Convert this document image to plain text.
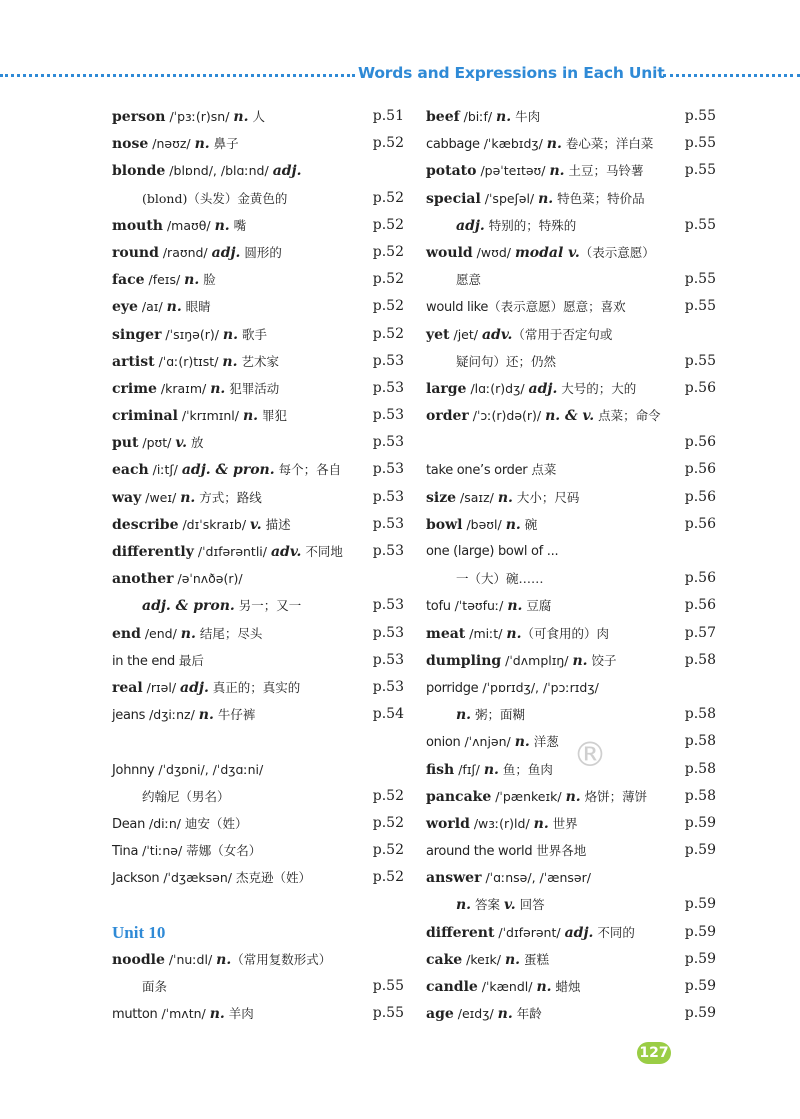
Words and Expressions in Each Unit
person /ˈpɜː(r)sn/ n. 人	p.51
nose /nəʊz/ n. 鼻子	p.52
blonde /blɒnd/, /blɑːnd/ adj.
(blond)（头发）金黄色的	p.52
mouth /maʊθ/ n. 嘴	p.52
round /raʊnd/ adj. 圆形的	p.52
face /feɪs/ n. 脸	p.52
eye /aɪ/ n. 眼睛	p.52
singer /ˈsɪŋə(r)/ n. 歌手	p.52
artist /ˈɑː(r)tɪst/ n. 艺术家	p.53
crime /kraɪm/ n. 犯罪活动	p.53
criminal /ˈkrɪmɪnl/ n. 罪犯	p.53
put /pʊt/ v. 放	p.53
each /iːtʃ/ adj. & pron. 每个；各自 p.53
way /weɪ/ n. 方式；路线	p.53
describe /dɪˈskraɪb/ v. 描述	p.53
differently /ˈdɪfərəntli/ adv. 不同地 p.53
another /əˈnʌðə(r)/
adj. & pron. 另一；又一	p.53
end /end/ n. 结尾；尽头	p.53
in the end 最后	p.53
real /rɪəl/ adj. 真正的；真实的	p.53
jeans /dʒiːnz/ n. 牛仔裤	p.54
Johnny /ˈdʒɒni/, /ˈdʒɑːni/
约翰尼（男名）	p.52
Dean /diːn/ 迪安（姓）	p.52
Tina /ˈtiːnə/ 蒂娜（女名）	p.52
Jackson /ˈdʒæksən/ 杰克逊（姓）	p.52
Unit 10
noodle /ˈnuːdl/ n.（常用复数形式）
面条	p.55
mutton /ˈmʌtn/ n. 羊肉	p.55
beef /biːf/ n. 牛肉	p.55
cabbage /ˈkæbɪdʒ/ n. 卷心菜；洋白菜 p.55
potato /pəˈteɪtəʊ/ n. 土豆；马铃薯	p.55
special /ˈspeʃəl/ n. 特色菜；特价品
adj. 特别的；特殊的	p.55
would /wʊd/ modal v.（表示意愿）
愿意	p.55
would like（表示意愿）愿意；喜欢	p.55
yet /jet/ adv.（常用于否定句或
疑问句）还；仍然	p.55
large /lɑː(r)dʒ/ adj. 大号的；大的	p.56
order /ˈɔː(r)də(r)/ n. & v. 点菜；命令
p.56
take one’s order 点菜	p.56
size /saɪz/ n. 大小；尺码	p.56
bowl /bəʊl/ n. 碗	p.56
one (large) bowl of ...
一（大）碗……	p.56
tofu /ˈtəʊfuː/ n. 豆腐	p.56
meat /miːt/ n.（可食用的）肉	p.57
dumpling /ˈdʌmplɪŋ/ n. 饺子	p.58
porridge /ˈpɒrɪdʒ/, /ˈpɔːrɪdʒ/
n. 粥；面糊	p.58
onion /ˈʌnjən/ n. 洋葱	p.58
fish /fɪʃ/ n. 鱼；鱼肉	p.58
pancake /ˈpænkeɪk/ n. 烙饼；薄饼	p.58
world /wɜː(r)ld/ n. 世界	p.59
around the world 世界各地	p.59
answer /ˈɑːnsə/, /ˈænsər/
n. 答案 v. 回答	p.59
different /ˈdɪfərənt/ adj. 不同的	p.59
cake /keɪk/ n. 蛋糕	p.59
candle /ˈkændl/ n. 蜡烛	p.59
age /eɪdʒ/ n. 年龄	p.59
®
127
